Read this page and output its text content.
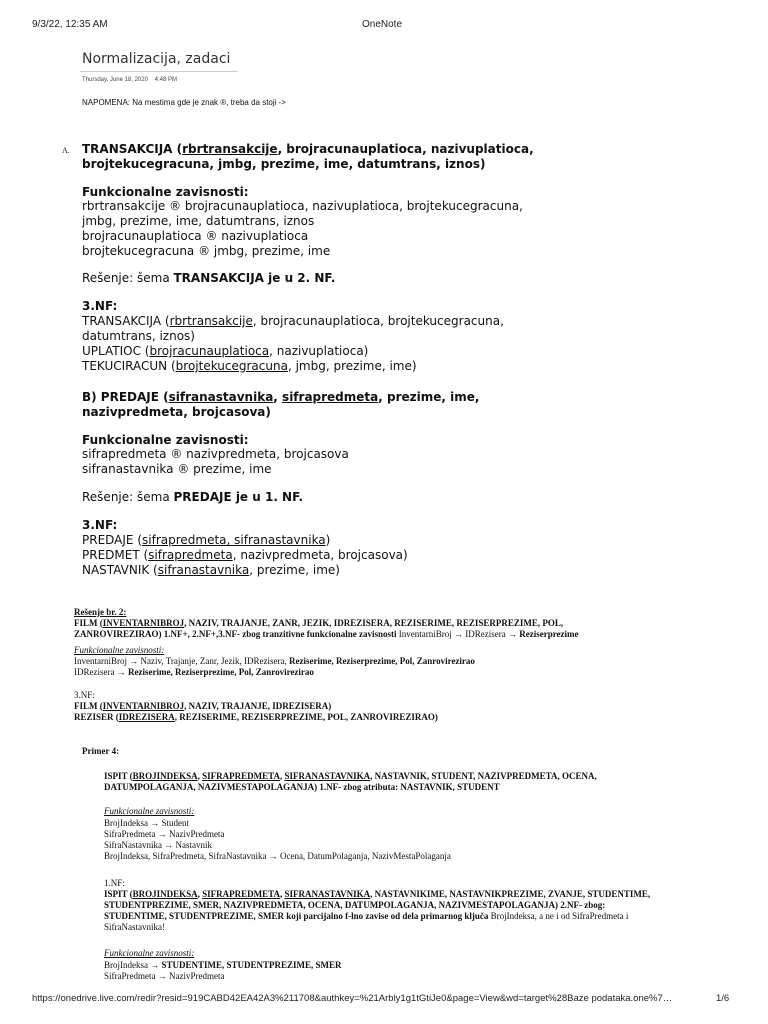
9/3/22, 12:35 AM	OneNote
Normalizacija, zadaci
Thursday, June 18, 2020 4:48 PM
NAPOMENA: Na mestima gde je znak ®, treba da stoji ->
A. TRANSAKCIJA (rbrtransakcije, brojracunauplatioca, nazivuplatioca,
brojtekucegracuna, jmbg, prezime, ime, datumtrans, iznos)
Funkcionalne zavisnosti:
rbrtransakcije ® brojracunauplatioca, nazivuplatioca, brojtekucegracuna,
jmbg, prezime, ime, datumtrans, iznos
brojracunauplatioca ® nazivuplatioca
brojtekucegracuna ® jmbg, prezime, ime
Rešenje: šema TRANSAKCIJA je u 2. NF.
3.NF:
TRANSAKCIJA (rbrtransakcije, brojracunauplatioca, brojtekucegracuna,
datumtrans, iznos)
UPLATIOC (brojracunauplatioca, nazivuplatioca)
TEKUCIRACUN (brojtekucegracuna, jmbg, prezime, ime)
B) PREDAJE (sifranastavnika, sifrapredmeta, prezime, ime,
nazivpredmeta, brojcasova)
Funkcionalne zavisnosti:
sifrapredmeta ® nazivpredmeta, brojcasova
sifranastavnika ® prezime, ime
Rešenje: šema PREDAJE je u 1. NF.
3.NF:
PREDAJE (sifrapredmeta, sifranastavnika)
PREDMET (sifrapredmeta, nazivpredmeta, brojcasova)
NASTAVNIK (sifranastavnika, prezime, ime)
Rešenje br. 2:
FILM (INVENTARNIBROJ, NAZIV, TRAJANJE, ZANR, JEZIK, IDREZISERA, REZISERIME, REZISERPREZIME, POL,
ZANROVIREZIRAO) 1.NF+, 2.NF+,3.NF- zbog tranzitivne funkcionalne zavisnosti InventarniBroj → IDRezisera → Reziserprezime
Funkcionalne zavisnosti:
InventarniBroj → Naziv, Trajanje, Zanr, Jezik, IDRezisera, Reziserime, Reziserprezime, Pol, Zanrovirezirao
IDRezisera → Reziserime, Reziserprezime, Pol, Zanrovirezirao
3.NF:
FILM (INVENTARNIBROJ, NAZIV, TRAJANJE, IDREZISERA)
REZISER (IDREZISERA, REZISERIME, REZISERPREZIME, POL, ZANROVIREZIRAO)
Primer 4:
ISPIT (BROJINDEKSA, SIFRAPREDMETA, SIFRANASTAVNIKA, NASTAVNIK, STUDENT, NAZIVPREDMETA, OCENA,
DATUMPOLAGANJA, NAZIVMESTAPOLAGANJA) 1.NF- zbog atributa: NASTAVNIK, STUDENT
Funkcionalne zavisnosti:
BrojIndeksa → Student
SifraPredmeta → NazivPredmeta
SifraNastavnika → Nastavnik
BrojIndeksa, SifraPredmeta, SifraNastavnika → Ocena, DatumPolaganja, NazivMestaPolaganja
1.NF:
ISPIT (BROJINDEKSA, SIFRAPREDMETA, SIFRANASTAVNIKA, NASTAVNIKIME, NASTAVNIKPREZIME, ZVANJE, STUDENTIME,
STUDENTPREZIME, SMER, NAZIVPREDMETA, OCENA, DATUMPOLAGANJA, NAZIVMESTAPOLAGANJA) 2.NF- zbog:
STUDENTIME, STUDENTPREZIME, SMER koji parcijalno f-lno zavise od dela primarnog ključa BrojIndeksa, a ne i od SifraPredmeta i
SifraNastavnika!
Funkcionalne zavisnosti:
BrojIndeksa → STUDENTIME, STUDENTPREZIME, SMER
SifraPredmeta → NazivPredmeta
https://onedrive.live.com/redir?resid=919CABD42EA42A3%211708&authkey=%21Arbly1g1tGtiJe0&page=View&wd=target%28Baze podataka.one%7…	1/6
